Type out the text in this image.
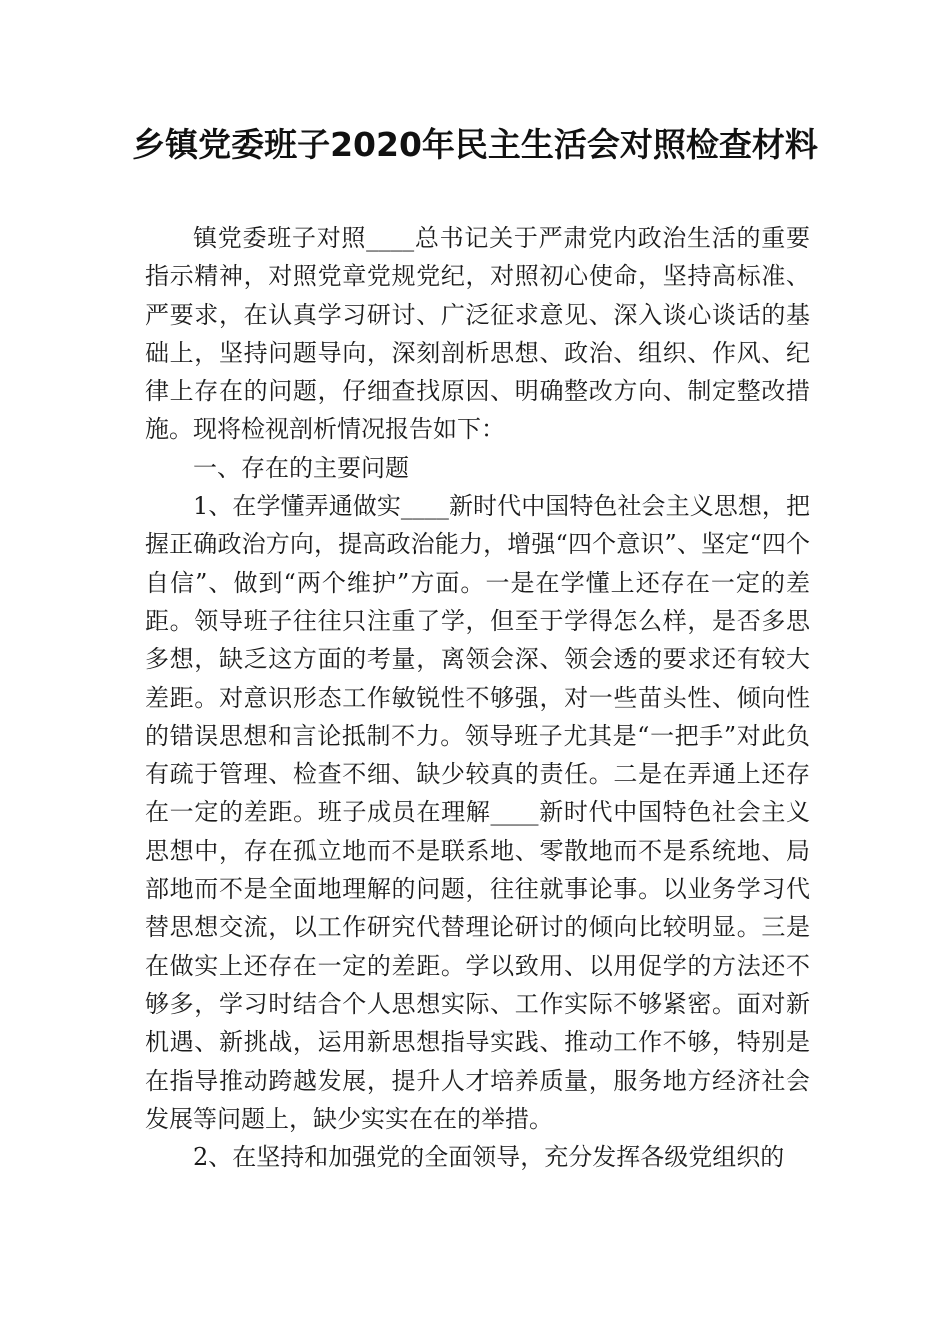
乡镇党委班子2020年民主生活会对照检查材料

镇党委班子对照____总书记关于严肃党内政治生活的重要指示精神，对照党章党规党纪，对照初心使命，坚持高标准、严要求，在认真学习研讨、广泛征求意见、深入谈心谈话的基础上，坚持问题导向，深刻剖析思想、政治、组织、作风、纪律上存在的问题，仔细查找原因、明确整改方向、制定整改措施。现将检视剖析情况报告如下：

一、存在的主要问题

1、在学懂弄通做实____新时代中国特色社会主义思想，把握正确政治方向，提高政治能力，增强“四个意识”、坚定“四个自信”、做到“两个维护”方面。一是在学懂上还存在一定的差距。领导班子往往只注重了学，但至于学得怎么样，是否多思多想，缺乏这方面的考量，离领会深、领会透的要求还有较大差距。对意识形态工作敏锐性不够强，对一些苗头性、倾向性的错误思想和言论抵制不力。领导班子尤其是“一把手”对此负有疏于管理、检查不细、缺少较真的责任。二是在弄通上还存在一定的差距。班子成员在理解____新时代中国特色社会主义思想中，存在孤立地而不是联系地、零散地而不是系统地、局部地而不是全面地理解的问题，往往就事论事。以业务学习代替思想交流，以工作研究代替理论研讨的倾向比较明显。三是在做实上还存在一定的差距。学以致用、以用促学的方法还不够多，学习时结合个人思想实际、工作实际不够紧密。面对新机遇、新挑战，运用新思想指导实践、推动工作不够，特别是在指导推动跨越发展，提升人才培养质量，服务地方经济社会发展等问题上，缺少实实在在的举措。

2、在坚持和加强党的全面领导，充分发挥各级党组织的
